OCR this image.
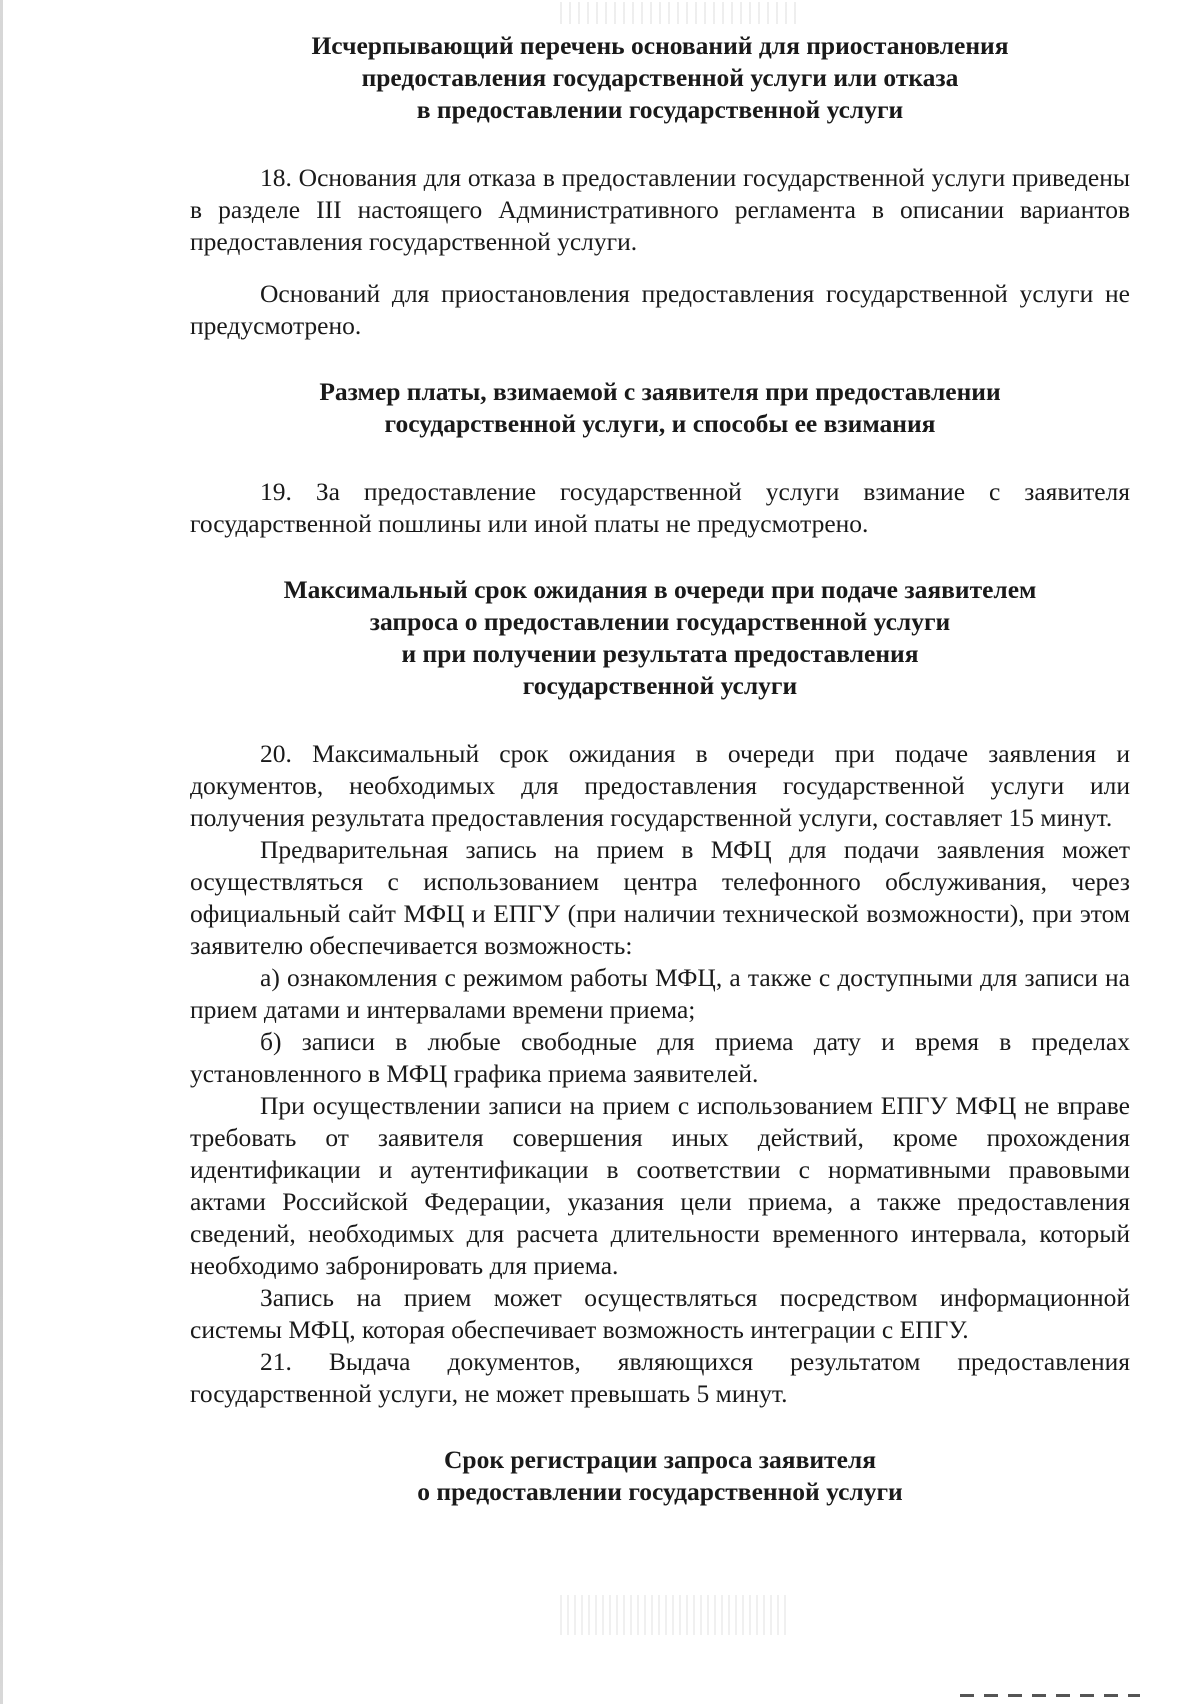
Исчерпывающий перечень оснований для приостановления
предоставления государственной услуги или отказа
в предоставлении государственной услуги

18. Основания для отказа в предоставлении государственной услуги приведены в разделе III настоящего Административного регламента в описании вариантов предоставления государственной услуги.

Оснований для приостановления предоставления государственной услуги не предусмотрено.

Размер платы, взимаемой с заявителя при предоставлении
государственной услуги, и способы ее взимания

19. За предоставление государственной услуги взимание с заявителя государственной пошлины или иной платы не предусмотрено.

Максимальный срок ожидания в очереди при подаче заявителем
запроса о предоставлении государственной услуги
и при получении результата предоставления
государственной услуги

20. Максимальный срок ожидания в очереди при подаче заявления и документов, необходимых для предоставления государственной услуги или получения результата предоставления государственной услуги, составляет 15 минут.

Предварительная запись на прием в МФЦ для подачи заявления может осуществляться с использованием центра телефонного обслуживания, через официальный сайт МФЦ и ЕПГУ (при наличии технической возможности), при этом заявителю обеспечивается возможность:

а) ознакомления с режимом работы МФЦ, а также с доступными для записи на прием датами и интервалами времени приема;

б) записи в любые свободные для приема дату и время в пределах установленного в МФЦ графика приема заявителей.

При осуществлении записи на прием с использованием ЕПГУ МФЦ не вправе требовать от заявителя совершения иных действий, кроме прохождения идентификации и аутентификации в соответствии с нормативными правовыми актами Российской Федерации, указания цели приема, а также предоставления сведений, необходимых для расчета длительности временного интервала, который необходимо забронировать для приема.

Запись на прием может осуществляться посредством информационной системы МФЦ, которая обеспечивает возможность интеграции с ЕПГУ.

21. Выдача документов, являющихся результатом предоставления государственной услуги, не может превышать 5 минут.

Срок регистрации запроса заявителя
о предоставлении государственной услуги
